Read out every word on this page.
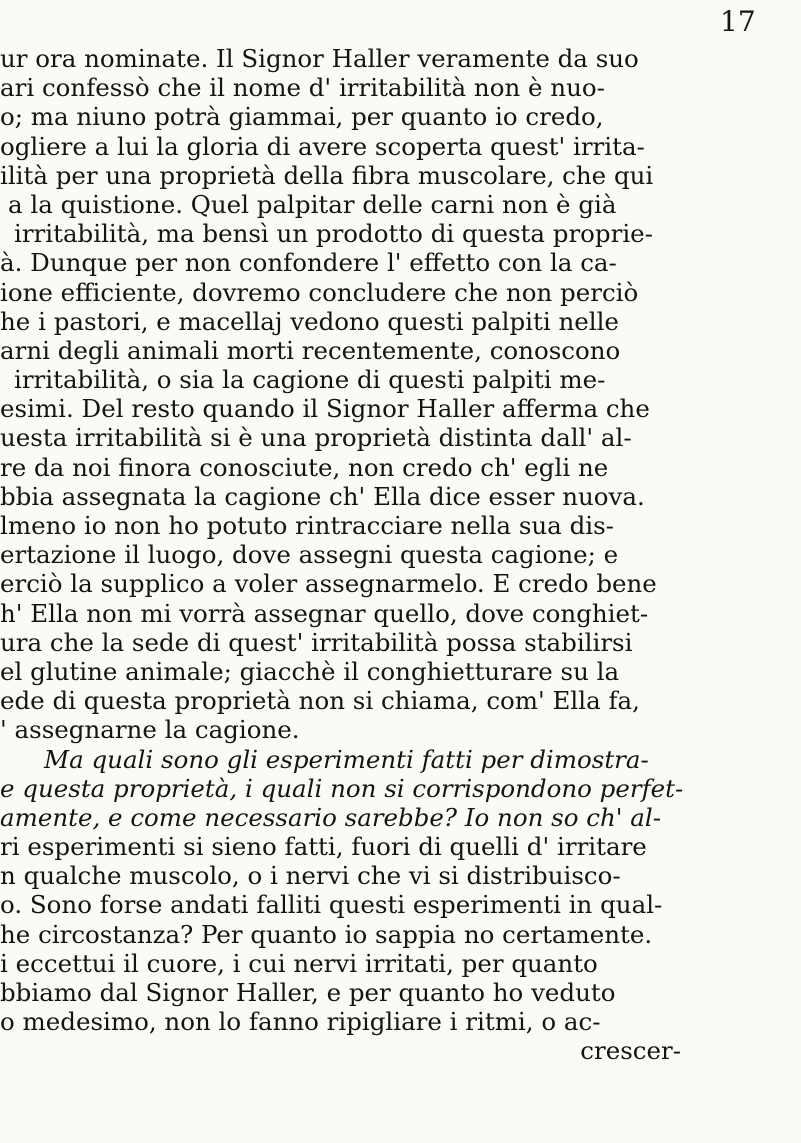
17
ur ora nominate. Il Signor Haller veramente da suo
ari confessò che il nome d' irritabilità non è nuo-
o; ma niuno potrà giammai, per quanto io credo,
ogliere a lui la gloria di avere scoperta quest' irrita-
ilità per una proprietà della fibra muscolare, che qui
a la quistione. Quel palpitar delle carni non è già
irritabilità, ma bensì un prodotto di questa proprie-
à. Dunque per non confondere l' effetto con la ca-
ione efficiente, dovremo concludere che non perciò
he i pastori, e macellaj vedono questi palpiti nelle
arni degli animali morti recentemente, conoscono
irritabilità, o sia la cagione di questi palpiti me-
esimi. Del resto quando il Signor Haller afferma che
uesta irritabilità si è una proprietà distinta dall' al-
re da noi finora conosciute, non credo ch' egli ne
bbia assegnata la cagione ch' Ella dice esser nuova.
lmeno io non ho potuto rintracciare nella sua dis-
ertazione il luogo, dove assegni questa cagione; e
erciò la supplico a voler assegnarmelo. E credo bene
h' Ella non mi vorrà assegnar quello, dove conghiet-
ura che la sede di quest' irritabilità possa stabilirsi
el glutine animale; giacchè il conghietturare su la
ede di questa proprietà non si chiama, com' Ella fa,
' assegnarne la cagione.
Ma quali sono gli esperimenti fatti per dimostra-
e questa proprietà, i quali non si corrispondono perfet-
amente, e come necessario sarebbe? Io non so ch' al-
ri esperimenti si sieno fatti, fuori di quelli d' irritare
n qualche muscolo, o i nervi che vi si distribuisco-
o. Sono forse andati falliti questi esperimenti in qual-
he circostanza? Per quanto io sappia no certamente.
i eccettui il cuore, i cui nervi irritati, per quanto
bbiamo dal Signor Haller, e per quanto ho veduto
o medesimo, non lo fanno ripigliare i ritmi, o ac-
crescer-
